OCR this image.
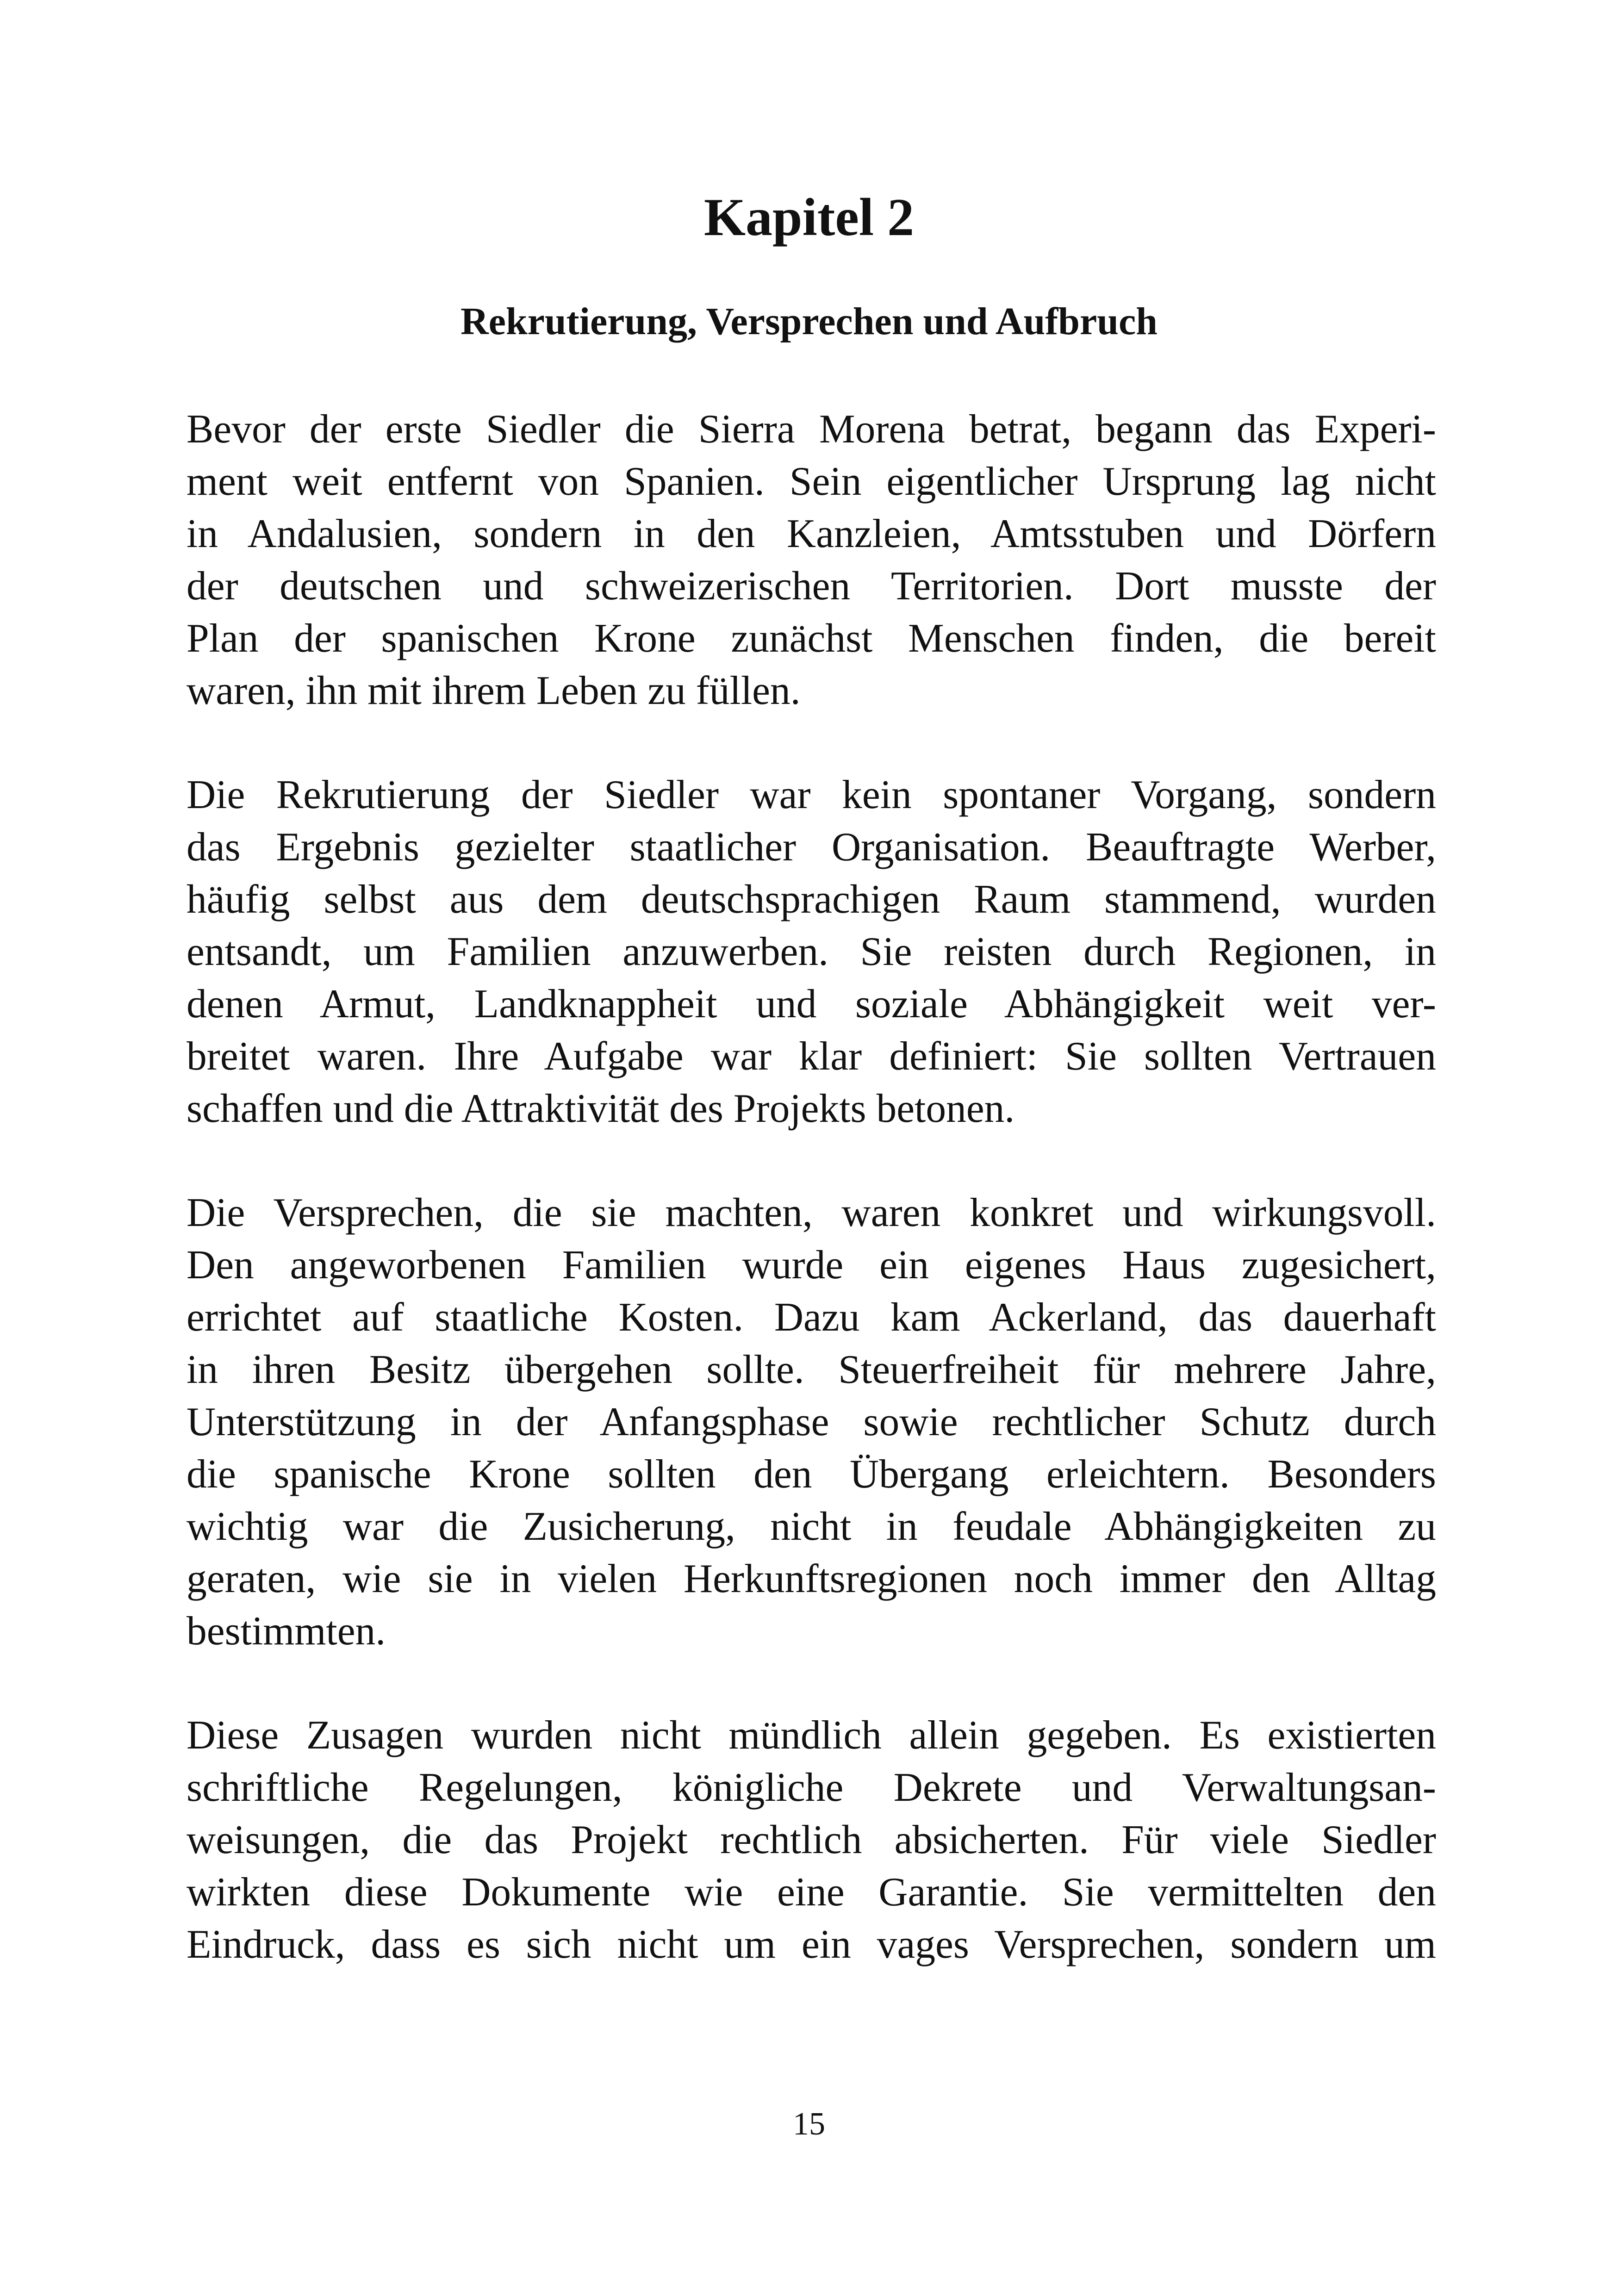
Kapitel 2
Rekrutierung, Versprechen und Aufbruch

Bevor der erste Siedler die Sierra Morena betrat, begann das Experi-
ment weit entfernt von Spanien. Sein eigentlicher Ursprung lag nicht
in Andalusien, sondern in den Kanzleien, Amtsstuben und Dörfern
der deutschen und schweizerischen Territorien. Dort musste der
Plan der spanischen Krone zunächst Menschen finden, die bereit
waren, ihn mit ihrem Leben zu füllen.

Die Rekrutierung der Siedler war kein spontaner Vorgang, sondern
das Ergebnis gezielter staatlicher Organisation. Beauftragte Werber,
häufig selbst aus dem deutschsprachigen Raum stammend, wurden
entsandt, um Familien anzuwerben. Sie reisten durch Regionen, in
denen Armut, Landknappheit und soziale Abhängigkeit weit ver-
breitet waren. Ihre Aufgabe war klar definiert: Sie sollten Vertrauen
schaffen und die Attraktivität des Projekts betonen.

Die Versprechen, die sie machten, waren konkret und wirkungsvoll.
Den angeworbenen Familien wurde ein eigenes Haus zugesichert,
errichtet auf staatliche Kosten. Dazu kam Ackerland, das dauerhaft
in ihren Besitz übergehen sollte. Steuerfreiheit für mehrere Jahre,
Unterstützung in der Anfangsphase sowie rechtlicher Schutz durch
die spanische Krone sollten den Übergang erleichtern. Besonders
wichtig war die Zusicherung, nicht in feudale Abhängigkeiten zu
geraten, wie sie in vielen Herkunftsregionen noch immer den Alltag
bestimmten.

Diese Zusagen wurden nicht mündlich allein gegeben. Es existierten
schriftliche Regelungen, königliche Dekrete und Verwaltungsan-
weisungen, die das Projekt rechtlich absicherten. Für viele Siedler
wirkten diese Dokumente wie eine Garantie. Sie vermittelten den
Eindruck, dass es sich nicht um ein vages Versprechen, sondern um

15
